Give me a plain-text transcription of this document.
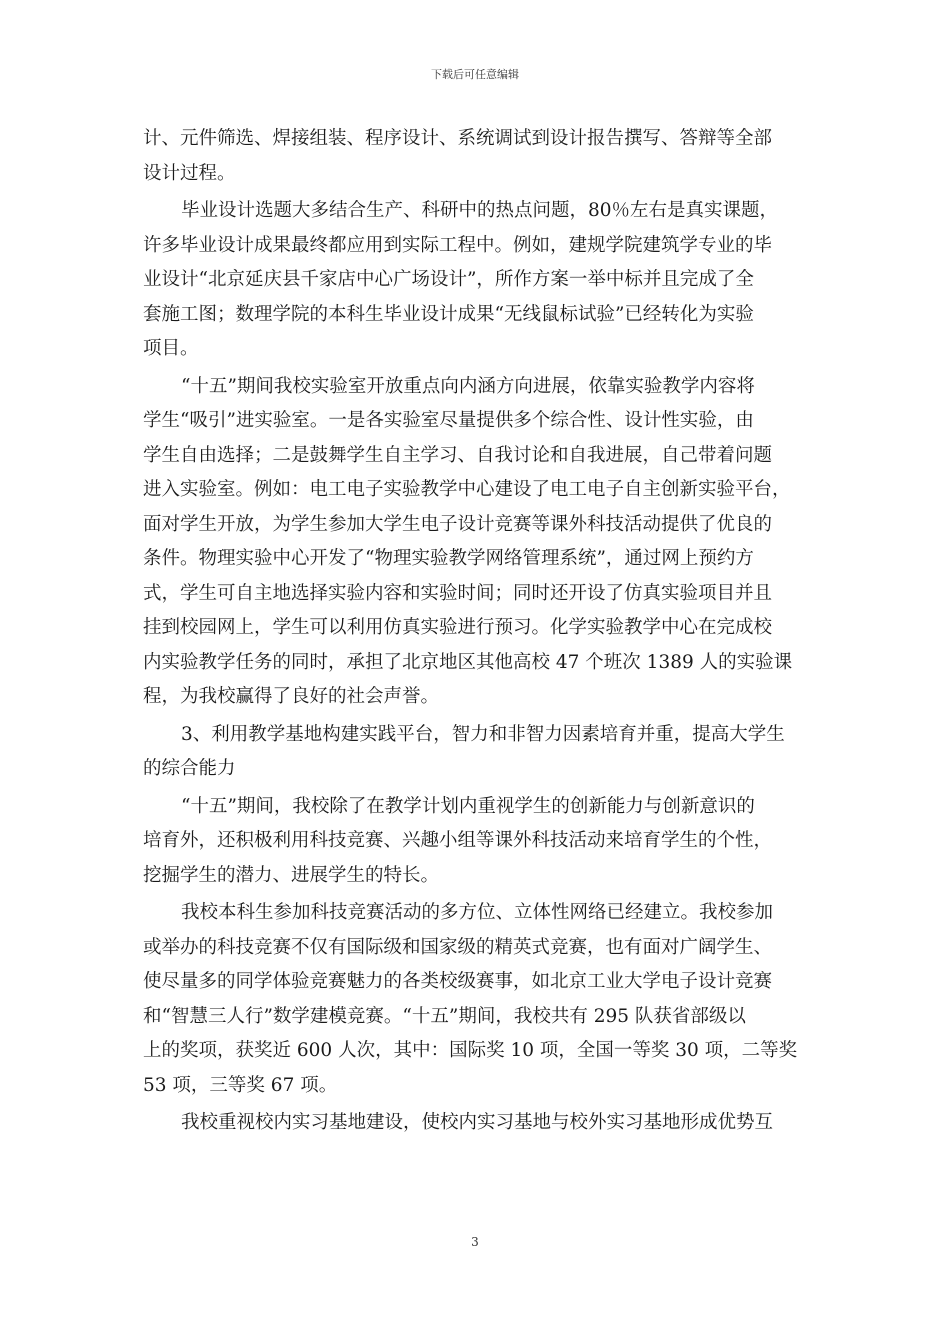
下载后可任意编辑
计、元件筛选、焊接组装、程序设计、系统调试到设计报告撰写、答辩等全部
设计过程。
毕业设计选题大多结合生产、科研中的热点问题，80％左右是真实课题，
许多毕业设计成果最终都应用到实际工程中。例如，建规学院建筑学专业的毕
业设计“北京延庆县千家店中心广场设计”，所作方案一举中标并且完成了全
套施工图；数理学院的本科生毕业设计成果“无线鼠标试验”已经转化为实验
项目。
“十五”期间我校实验室开放重点向内涵方向进展，依靠实验教学内容将
学生“吸引”进实验室。一是各实验室尽量提供多个综合性、设计性实验，由
学生自由选择；二是鼓舞学生自主学习、自我讨论和自我进展，自己带着问题
进入实验室。例如：电工电子实验教学中心建设了电工电子自主创新实验平台，
面对学生开放，为学生参加大学生电子设计竞赛等课外科技活动提供了优良的
条件。物理实验中心开发了“物理实验教学网络管理系统”，通过网上预约方
式，学生可自主地选择实验内容和实验时间；同时还开设了仿真实验项目并且
挂到校园网上，学生可以利用仿真实验进行预习。化学实验教学中心在完成校
内实验教学任务的同时，承担了北京地区其他高校 47 个班次 1389 人的实验课
程，为我校赢得了良好的社会声誉。
3、利用教学基地构建实践平台，智力和非智力因素培育并重，提高大学生
的综合能力
“十五”期间，我校除了在教学计划内重视学生的创新能力与创新意识的
培育外，还积极利用科技竞赛、兴趣小组等课外科技活动来培育学生的个性，
挖掘学生的潜力、进展学生的特长。
我校本科生参加科技竞赛活动的多方位、立体性网络已经建立。我校参加
或举办的科技竞赛不仅有国际级和国家级的精英式竞赛，也有面对广阔学生、
使尽量多的同学体验竞赛魅力的各类校级赛事，如北京工业大学电子设计竞赛
和“智慧三人行”数学建模竞赛。“十五”期间，我校共有 295 队获省部级以
上的奖项，获奖近 600 人次，其中：国际奖 10 项，全国一等奖 30 项，二等奖
53 项，三等奖 67 项。
我校重视校内实习基地建设，使校内实习基地与校外实习基地形成优势互
3
